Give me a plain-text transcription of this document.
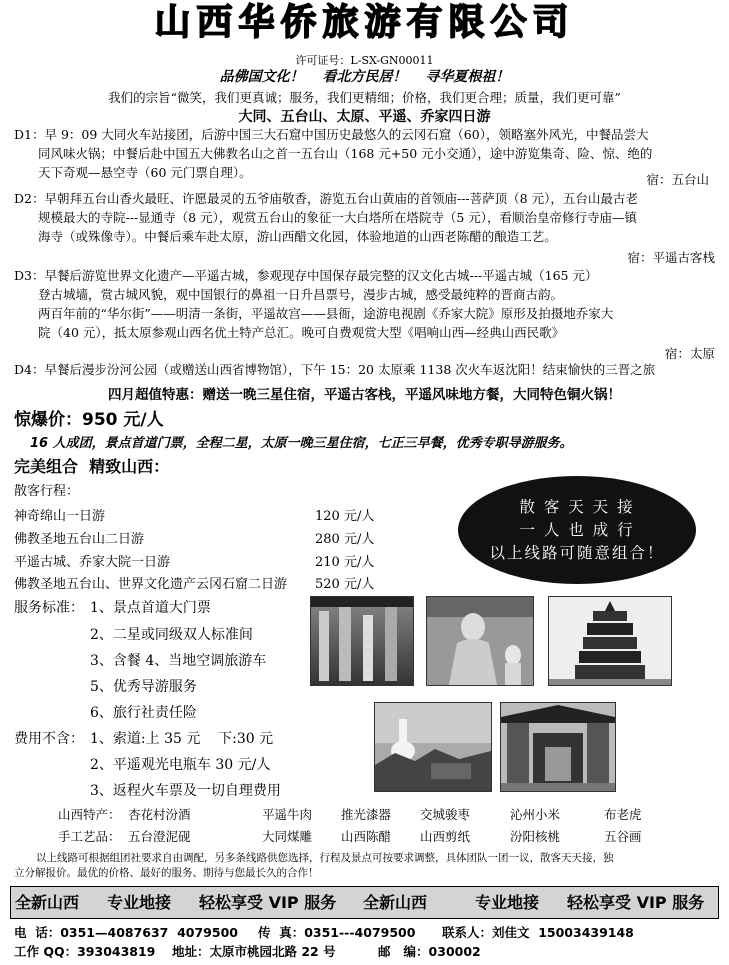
山西华侨旅游有限公司
许可证号：L-SX-GN00011
品佛国文化！ 看北方民居！ 寻华夏根祖！
我们的宗旨“微笑，我们更真诚；服务，我们更精细；价格，我们更合理；质量，我们更可靠”
大同、五台山、太原、平遥、乔家四日游
D1：早 9：09 大同火车站接团，后游中国三大石窟中国历史最悠久的云冈石窟（60），领略塞外风光，中餐品尝大
同风味火锅；中餐后赴中国五大佛教名山之首一五台山（168 元+50 元小交通），途中游览集奇、险、惊、绝的
天下奇观—悬空寺（60 元门票自理）。	宿：五台山
D2：早朝拜五台山香火最旺、许愿最灵的五爷庙敬香，游览五台山黄庙的首领庙---菩萨顶（8 元），五台山最古老
规模最大的寺院---显通寺（8 元），观赏五台山的象征一大白塔所在塔院寺（5 元），看顺治皇帝修行寺庙—镇
海寺（或殊像寺）。中餐后乘车赴太原，游山西醋文化园，体验地道的山西老陈醋的酿造工艺。
宿：平遥古客栈
D3：早餐后游览世界文化遗产—平遥古城，参观现存中国保存最完整的汉文化古城---平遥古城（165 元）
登古城墙，赏古城风貌，观中国银行的鼻祖一日升昌票号，漫步古城，感受最纯粹的晋商古韵。
两百年前的“华尔街”——明清一条街，平遥故宫——县衙，途游电视剧《乔家大院》原形及拍摄地乔家大
院（40 元），抵太原参观山西名优土特产总汇。晚可自费观赏大型《唱响山西—经典山西民歌》
宿：太原
D4：早餐后漫步汾河公园（或赠送山西省博物馆），下午 15：20 太原乘 1138 次火车返沈阳！结束愉快的三晋之旅
四月超值特惠：赠送一晚三星住宿，平遥古客栈，平遥风味地方餐，大同特色铜火锅！
惊爆价：950 元/人
16 人成团，景点首道门票，全程二星，太原一晚三星住宿，七正三早餐，优秀专职导游服务。
完美组合  精致山西：
散客行程：
神奇绵山一日游	120 元/人
佛教圣地五台山二日游	280 元/人
平遥古城、乔家大院一日游	210 元/人
佛教圣地五台山、世界文化遗产云冈石窟二日游 520 元/人
散 客 天 天 接
一 人 也 成 行
以上线路可随意组合！
服务标准： 1、景点首道大门票
2、二星或同级双人标准间
3、含餐 4、当地空调旅游车
5、优秀导游服务
6、旅行社责任险
费用不含： 1、索道:上 35 元    下:30 元
2、平遥观光电瓶车 30 元/人
3、返程火车票及一切自理费用
山西特产： 杏花村汾酒	平遥牛肉 推光漆器 交城骏枣	沁州小米	布老虎
手工艺品： 五台澄泥砚	大同煤雕 山西陈醋 山西剪纸	汾阳核桃	五谷画
以上线路可根据组团社要求自由调配，另多条线路供您选择，行程及景点可按要求调整，具体团队一团一议，散客天天接，独
立分解报价。最优的价格、最好的服务、期待与您最长久的合作！
全新山西 专业地接 轻松享受 VIP 服务 全新山西	专业地接 轻松享受 VIP 服务
电  话：0351—4087637  4079500 传  真：0351---4079500 联系人：刘佳文  15003439148
工作 QQ：393043819 地址：太原市桃园北路 22 号	邮   编：030002
